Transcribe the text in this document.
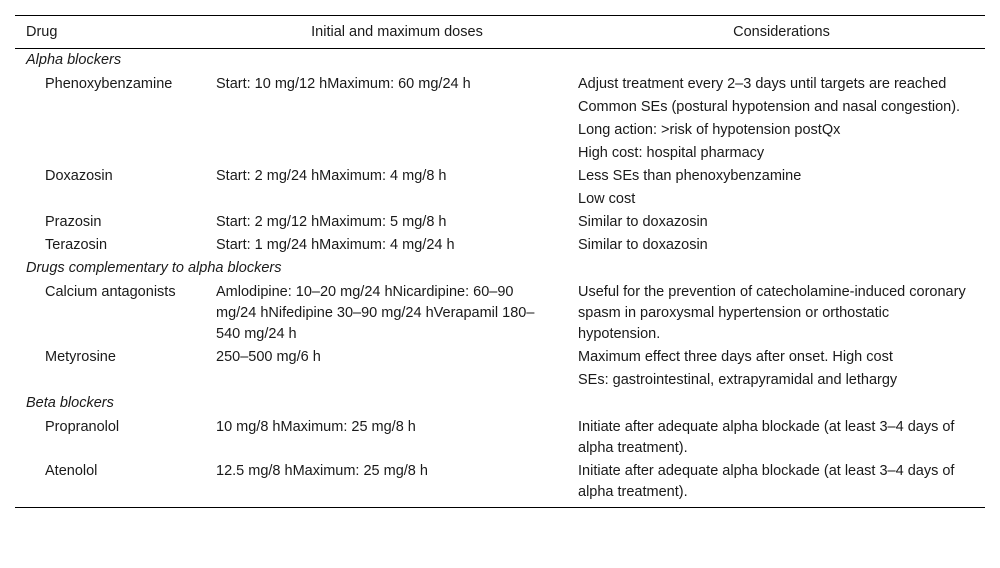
Drug	Initial and maximum doses	Considerations
Alpha blockers		
Phenoxybenzamine	Start: 10 mg/12 hMaximum: 60 mg/24 h	Adjust treatment every 2–3 days until targets are reached

Common SEs (postural hypotension and nasal congestion).

Long action: >risk of hypotension postQx

High cost: hospital pharmacy

Doxazosin	Start: 2 mg/24 hMaximum: 4 mg/8 h	Less SEs than phenoxybenzamine

Low cost

Prazosin	Start: 2 mg/12 hMaximum: 5 mg/8 h	Similar to doxazosin

Terazosin	Start: 1 mg/24 hMaximum: 4 mg/24 h	Similar to doxazosin

Drugs complementary to alpha blockers		
Calcium antagonists	Amlodipine: 10–20 mg/24 hNicardipine: 60–90 mg/24 hNifedipine 30–90 mg/24 hVerapamil 180–540 mg/24 h	Useful for the prevention of catecholamine-induced coronary spasm in paroxysmal hypertension or orthostatic hypotension.

Metyrosine	250–500 mg/6 h	Maximum effect three days after onset. High cost

SEs: gastrointestinal, extrapyramidal and lethargy

Beta blockers		
Propranolol	10 mg/8 hMaximum: 25 mg/8 h	Initiate after adequate alpha blockade (at least 3–4 days of alpha treatment).

Atenolol	12.5 mg/8 hMaximum: 25 mg/8 h	Initiate after adequate alpha blockade (at least 3–4 days of alpha treatment).
